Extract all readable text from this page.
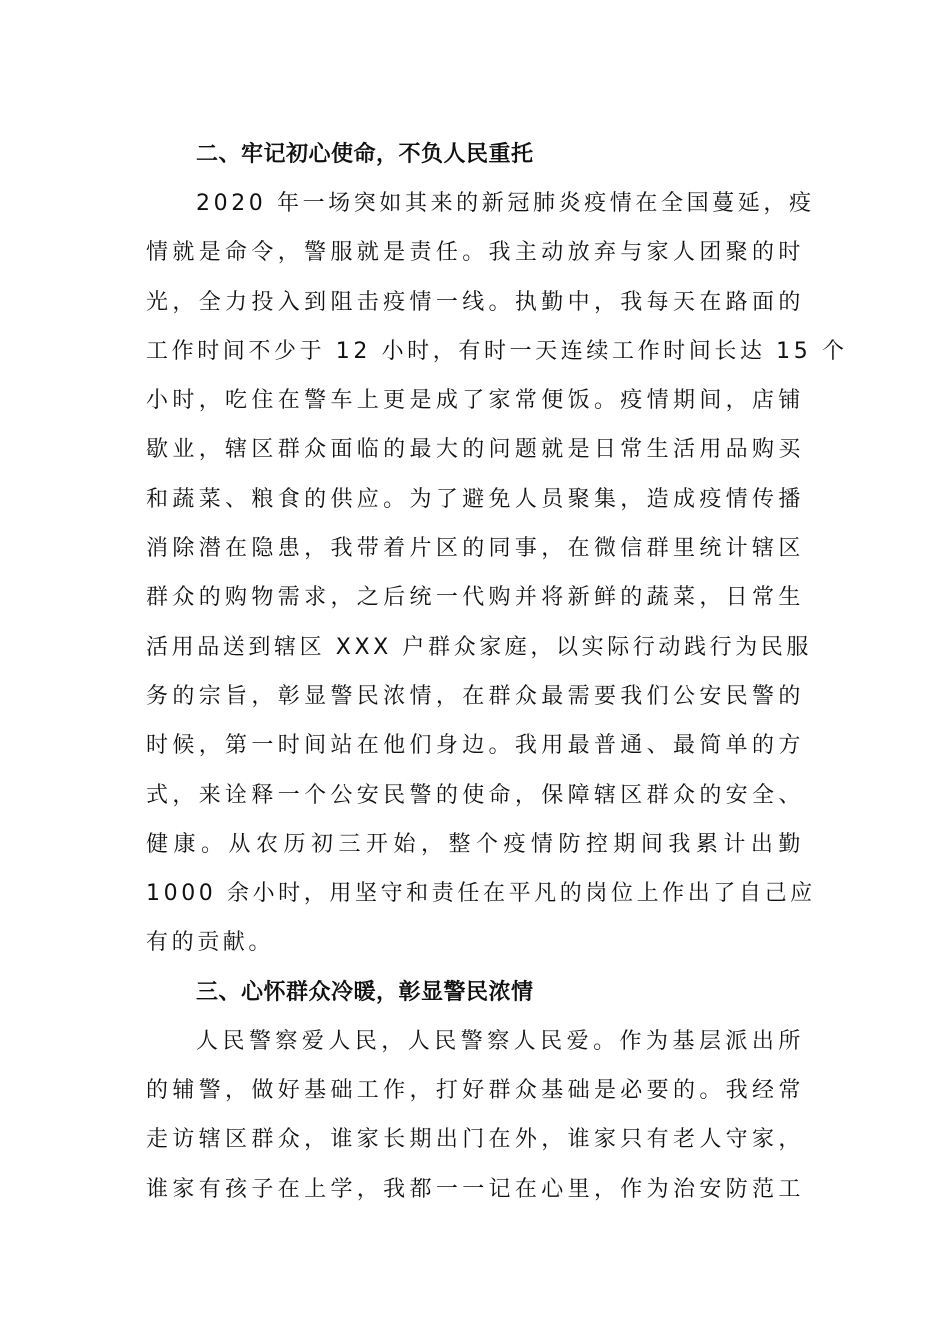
二、牢记初心使命，不负人民重托

2020 年一场突如其来的新冠肺炎疫情在全国蔓延，疫
情就是命令，警服就是责任。我主动放弃与家人团聚的时
光，全力投入到阻击疫情一线。执勤中，我每天在路面的
工作时间不少于 12 小时，有时一天连续工作时间长达 15 个
小时，吃住在警车上更是成了家常便饭。疫情期间，店铺
歇业，辖区群众面临的最大的问题就是日常生活用品购买
和蔬菜、粮食的供应。为了避免人员聚集，造成疫情传播
消除潜在隐患，我带着片区的同事，在微信群里统计辖区
群众的购物需求，之后统一代购并将新鲜的蔬菜，日常生
活用品送到辖区 XXX 户群众家庭，以实际行动践行为民服
务的宗旨，彰显警民浓情，在群众最需要我们公安民警的
时候，第一时间站在他们身边。我用最普通、最简单的方
式，来诠释一个公安民警的使命，保障辖区群众的安全、
健康。从农历初三开始，整个疫情防控期间我累计出勤
1000 余小时，用坚守和责任在平凡的岗位上作出了自己应
有的贡献。

三、心怀群众冷暖，彰显警民浓情

人民警察爱人民，人民警察人民爱。作为基层派出所
的辅警，做好基础工作，打好群众基础是必要的。我经常
走访辖区群众，谁家长期出门在外，谁家只有老人守家，
谁家有孩子在上学，我都一一记在心里，作为治安防范工
